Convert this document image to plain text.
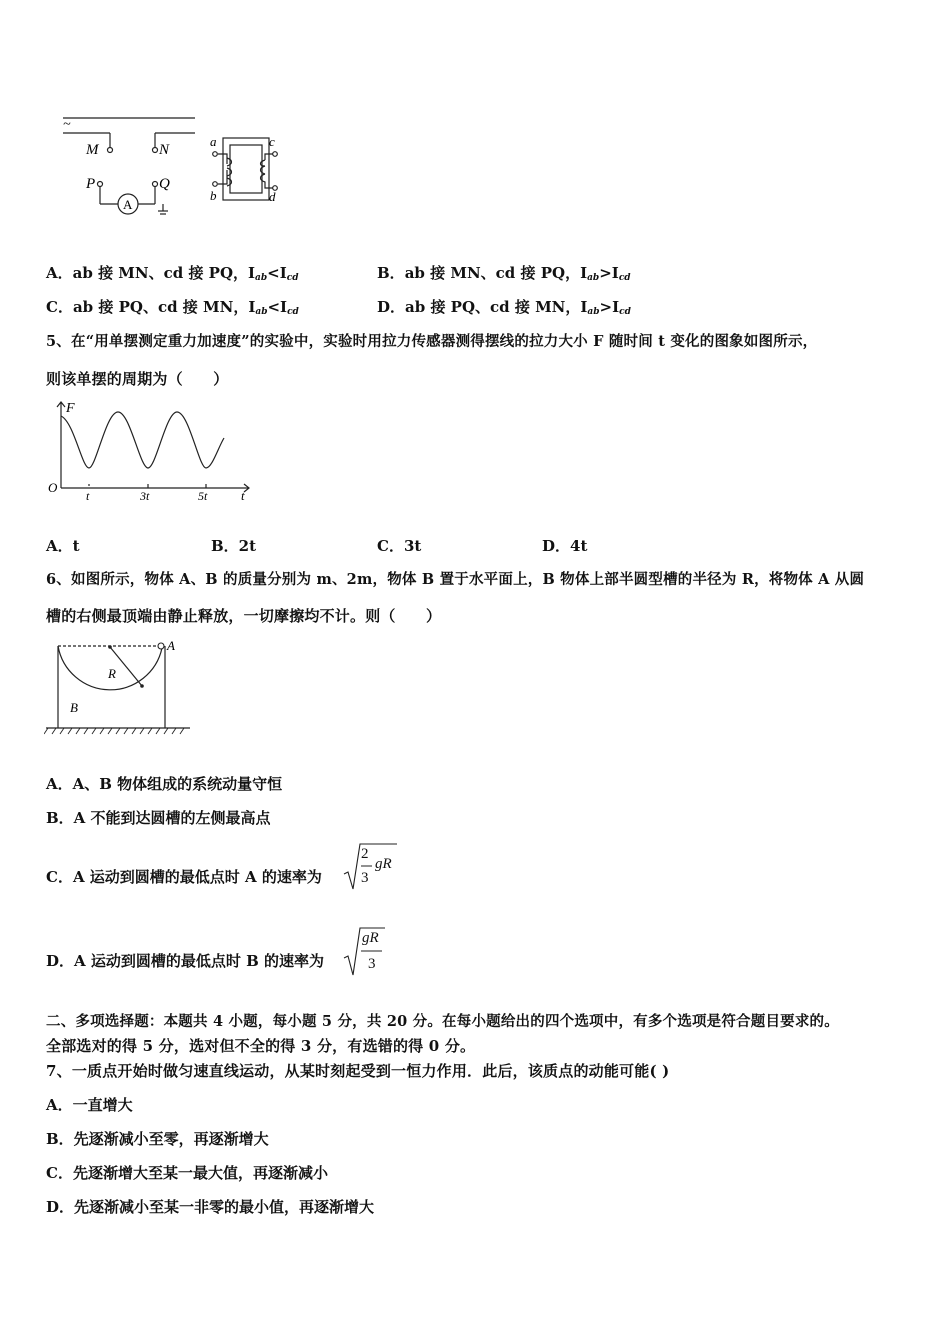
~
M	N
P	Q
A
a
b
c
d
A．ab 接 MN、cd 接 PQ，$I_{ab}<I_{cd}$	B．ab 接 MN、cd 接 PQ，$I_{ab}>I_{cd}$
C．ab 接 PQ、cd 接 MN，$I_{ab}<I_{cd}$	D．ab 接 PQ、cd 接 MN，$I_{ab}>I_{cd}$
5、在“用单摆测定重力加速度”的实验中，实验时用拉力传感器测得摆线的拉力大小 F 随时间 t 变化的图象如图所示，
则该单摆的周期为（　　）
F
t
O
t	3t	5t
A．t	B．2t	C．3t	D．4t
6、如图所示，物体 A、B 的质量分别为 m、2m，物体 B 置于水平面上，B 物体上部半圆型槽的半径为 R，将物体 A 从圆
槽的右侧最顶端由静止释放，一切摩擦均不计。则（　　）
A
R
B
A．A、B 物体组成的系统动量守恒
B．A 不能到达圆槽的左侧最高点
C．A 运动到圆槽的最低点时 A 的速率为
2
3
gR
D．A 运动到圆槽的最低点时 B 的速率为
gR
3
二、多项选择题：本题共 4 小题，每小题 5 分，共 20 分。在每小题给出的四个选项中，有多个选项是符合题目要求的。
全部选对的得 5 分，选对但不全的得 3 分，有选错的得 0 分。
7、一质点开始时做匀速直线运动，从某时刻起受到一恒力作用．此后，该质点的动能可能( )
A．一直增大
B．先逐渐减小至零，再逐渐增大
C．先逐渐增大至某一最大值，再逐渐减小
D．先逐渐减小至某一非零的最小值，再逐渐增大
